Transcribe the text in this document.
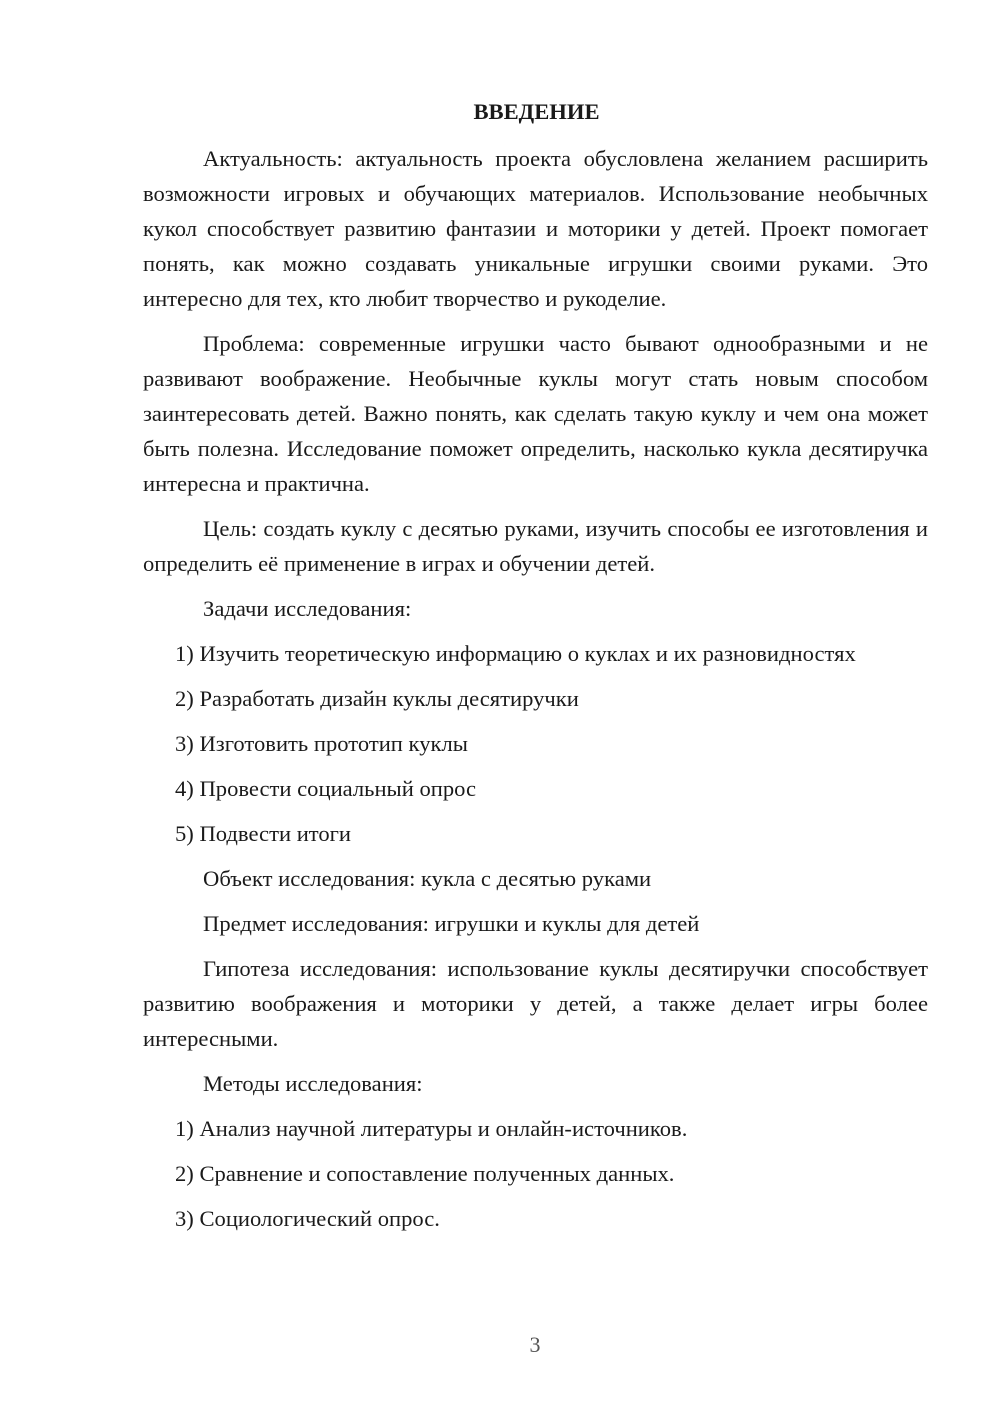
ВВЕДЕНИЕ

Актуальность: актуальность проекта обусловлена желанием расширить возможности игровых и обучающих материалов. Использование необычных кукол способствует развитию фантазии и моторики у детей. Проект помогает понять, как можно создавать уникальные игрушки своими руками. Это интересно для тех, кто любит творчество и рукоделие.

Проблема: современные игрушки часто бывают однообразными и не развивают воображение. Необычные куклы могут стать новым способом заинтересовать детей. Важно понять, как сделать такую куклу и чем она может быть полезна. Исследование поможет определить, насколько кукла десятиручка интересна и практична.

Цель: создать куклу с десятью руками, изучить способы ее изготовления и определить её применение в играх и обучении детей.

Задачи исследования:

1) Изучить теоретическую информацию о куклах и их разновидностях
2) Разработать дизайн куклы десятиручки
3) Изготовить прототип куклы
4) Провести социальный опрос
5) Подвести итоги

Объект исследования: кукла с десятью руками

Предмет исследования: игрушки и куклы для детей

Гипотеза исследования: использование куклы десятиручки способствует развитию воображения и моторики у детей, а также делает игры более интересными.

Методы исследования:

1) Анализ научной литературы и онлайн-источников.
2) Сравнение и сопоставление полученных данных.
3) Социологический опрос.
3
